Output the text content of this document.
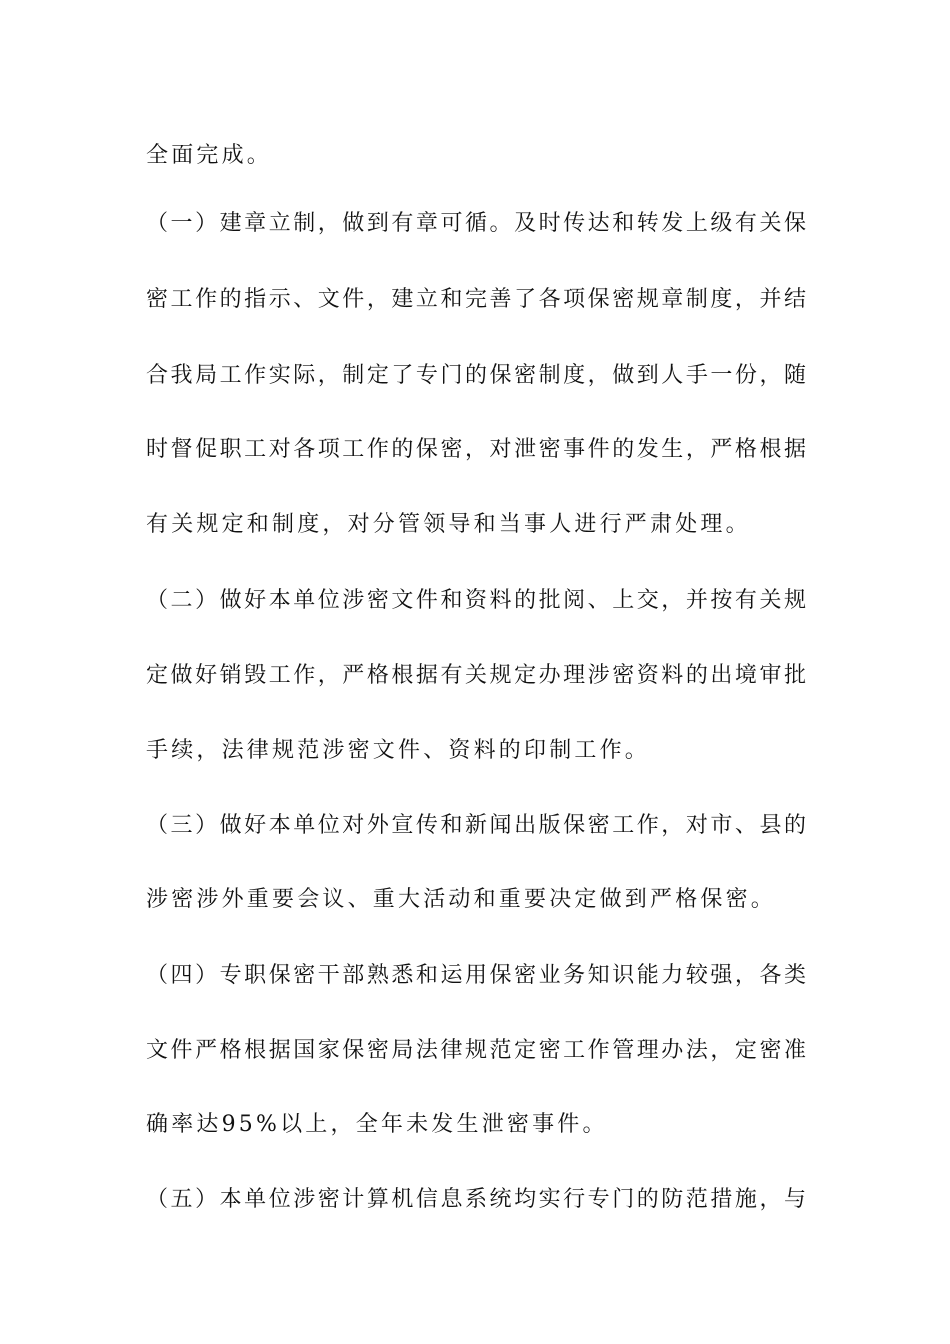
全面完成。
（一）建章立制，做到有章可循。及时传达和转发上级有关保
密工作的指示、文件，建立和完善了各项保密规章制度，并结
合我局工作实际，制定了专门的保密制度，做到人手一份，随
时督促职工对各项工作的保密，对泄密事件的发生，严格根据
有关规定和制度，对分管领导和当事人进行严肃处理。
（二）做好本单位涉密文件和资料的批阅、上交，并按有关规
定做好销毁工作，严格根据有关规定办理涉密资料的出境审批
手续，法律规范涉密文件、资料的印制工作。
（三）做好本单位对外宣传和新闻出版保密工作，对市、县的
涉密涉外重要会议、重大活动和重要决定做到严格保密。
（四）专职保密干部熟悉和运用保密业务知识能力较强，各类
文件严格根据国家保密局法律规范定密工作管理办法，定密准
确率达95%以上，全年未发生泄密事件。
（五）本单位涉密计算机信息系统均实行专门的防范措施，与
